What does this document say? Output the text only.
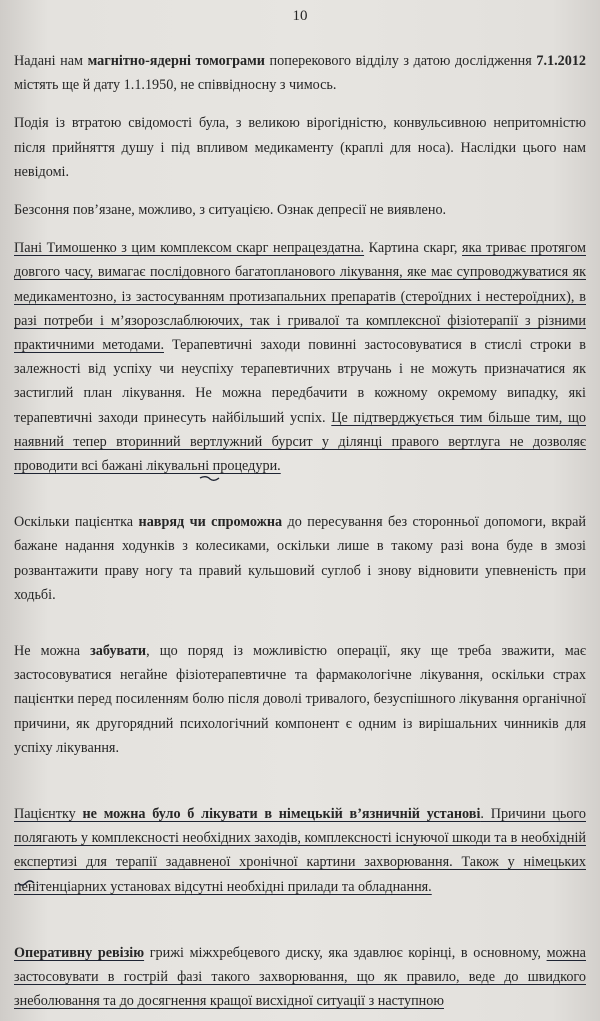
10

Надані нам магнітно-ядерні томограми поперекового відділу з датою дослідження 7.1.2012 містять ще й дату 1.1.1950, не співвідносну з чимось.

Подія із втратою свідомості була, з великою вірогідністю, конвульсивною непритомністю після прийняття душу і під впливом медикаменту (краплі для носа). Наслідки цього нам невідомі.

Безсоння пов’язане, можливо, з ситуацією. Ознак депресії не виявлено.

Пані Тимошенко з цим комплексом скарг непрацездатна. Картина скарг, яка триває протягом довгого часу, вимагає послідовного багатопланового лікування, яке має супроводжуватися як медикаментозно, із застосуванням протизапальних препаратів (стероїдних і нестероїдних), в разі потреби і м’язорозслаблюючих, так і гривалої та комплексної фізіотерапії з різними практичними методами. Терапевтичні заходи повинні застосовуватися в стислі строки в залежності від успіху чи неуспіху терапевтичних втручань і не можуть призначатися як застиглий план лікування. Не можна передбачити в кожному окремому випадку, які терапевтичні заходи принесуть найбільший успіх. Це підтверджується тим більше тим, що наявний тепер вторинний вертлужний бурсит у ділянці правого вертлуга не дозволяє проводити всі бажані лікувальні процедури.

Оскільки пацієнтка навряд чи спроможна до пересування без сторонньої допомоги, вкрай бажане надання ходунків з колесиками, оскільки лише в такому разі вона буде в змозі розвантажити праву ногу та правий кульшовий суглоб і знову відновити упевненість при ходьбі.

Не можна забувати, що поряд із можливістю операції, яку ще треба зважити, має застосовуватися негайне фізіотерапевтичне та фармакологічне лікування, оскільки страх пацієнтки перед посиленням болю після доволі тривалого, безуспішного лікування органічної причини, як другорядний психологічний компонент є одним із вирішальних чинників для успіху лікування.

Пацієнтку не можна було б лікувати в німецькій в’язничній установі. Причини цього полягають у комплексності необхідних заходів, комплексності існуючої шкоди та в необхідній експертизі для терапії задавненої хронічної картини захворювання. Також у німецьких пенітенціарних установах відсутні необхідні прилади та обладнання.

Оперативну ревізію грижі міжхребцевого диску, яка здавлює корінці, в основному, можна застосовувати в гострій фазі такого захворювання, що як правило, веде до швидкого знеболювання та до досягнення кращої висхідної ситуації з наступною
